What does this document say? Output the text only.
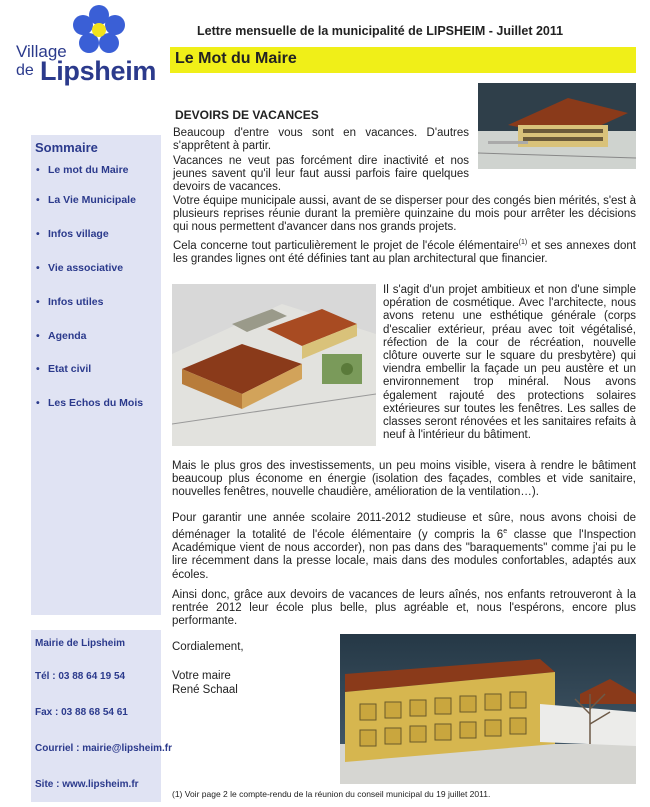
Village
de Lipsheim
Lettre mensuelle de la municipalité de LIPSHEIM - Juillet 2011
Le Mot du Maire
Sommaire
• Le mot du Maire
• La Vie Municipale
• Infos village
• Vie associative
• Infos utiles
• Agenda
• Etat civil
• Les Echos du Mois
Mairie de Lipsheim
Tél : 03 88 64 19 54
Fax : 03 88 68 54 61
Courriel : mairie@lipsheim.fr
Site : www.lipsheim.fr
DEVOIRS DE VACANCES
Beaucoup d'entre vous sont en vacances. D'autres s'apprêtent à partir.
Vacances ne veut pas forcément dire inactivité et nos jeunes savent qu'il leur faut aussi parfois faire quelques devoirs de vacances.
Votre équipe municipale aussi, avant de se disperser pour des congés bien mérités, s'est à plusieurs reprises réunie durant la première quinzaine du mois pour arrêter les décisions qui nous permettent d'avancer dans nos grands projets.
Cela concerne tout particulièrement le projet de l'école élémentaire$^{(1)}$ et ses annexes dont les grandes lignes ont été définies tant au plan architectural que financier.
Il s'agit d'un projet ambitieux et non d'une simple opération de cosmétique. Avec l'architecte, nous avons retenu une esthétique générale (corps d'escalier extérieur, préau avec toit végétalisé, réfection de la cour de récréation, nouvelle clôture ouverte sur le square du presbytère) qui viendra embellir la façade un peu austère et un environnement trop minéral. Nous avons également rajouté des protections solaires extérieures sur toutes les fenêtres. Les salles de classes seront rénovées et les sanitaires refaits à neuf à l'intérieur du bâtiment.
Mais le plus gros des investissements, un peu moins visible, visera à rendre le bâtiment beaucoup plus économe en énergie (isolation des façades, combles et vide sanitaire, nouvelles fenêtres, nouvelle chaudière, amélioration de la ventilation…).
Pour garantir une année scolaire 2011-2012 studieuse et sûre, nous avons choisi de déménager la totalité de l'école élémentaire (y compris la 6e classe que l'Inspection Académique vient de nous accorder), non pas dans des "baraquements" comme j'ai pu le lire récemment dans la presse locale, mais dans des modules confortables, adaptés aux écoles.
Ainsi donc, grâce aux devoirs de vacances de leurs aînés, nos enfants retrouveront à la rentrée 2012 leur école plus belle, plus agréable et, nous l'espérons, encore plus performante.
Cordialement,
Votre maire
René Schaal
(1) Voir page 2 le compte-rendu de la réunion du conseil municipal du 19 juillet 2011.
